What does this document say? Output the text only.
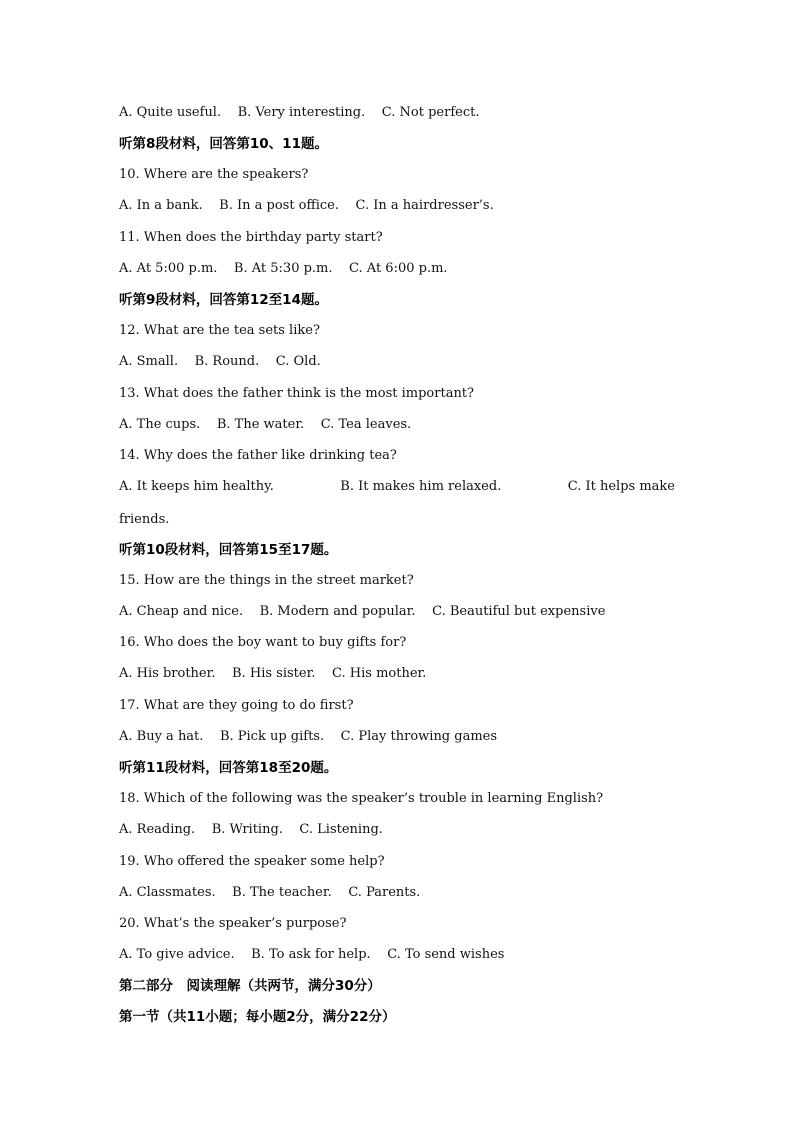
A. Quite useful.    B. Very interesting.    C. Not perfect.
听第8段材料，回答第10、11题。
10. Where are the speakers?
A. In a bank.    B. In a post office.    C. In a hairdresser’s.
11. When does the birthday party start?
A. At 5:00 p.m.    B. At 5:30 p.m.    C. At 6:00 p.m.
听第9段材料，回答第12至14题。
12. What are the tea sets like?
A. Small.    B. Round.    C. Old.
13. What does the father think is the most important?
A. The cups.    B. The water.    C. Tea leaves.
14. Why does the father like drinking tea?
A. It keeps him healthy.	B. It makes him relaxed.	C. It helps make
friends.
听第10段材料，回答第15至17题。
15. How are the things in the street market?
A. Cheap and nice.    B. Modern and popular.    C. Beautiful but expensive
16. Who does the boy want to buy gifts for?
A. His brother.    B. His sister.    C. His mother.
17. What are they going to do first?
A. Buy a hat.    B. Pick up gifts.    C. Play throwing games
听第11段材料，回答第18至20题。
18. Which of the following was the speaker’s trouble in learning English?
A. Reading.    B. Writing.    C. Listening.
19. Who offered the speaker some help?
A. Classmates.    B. The teacher.    C. Parents.
20. What’s the speaker’s purpose?
A. To give advice.    B. To ask for help.    C. To send wishes
第二部分　阅读理解（共两节，满分30分）
第一节（共11小题；每小题2分，满分22分）
